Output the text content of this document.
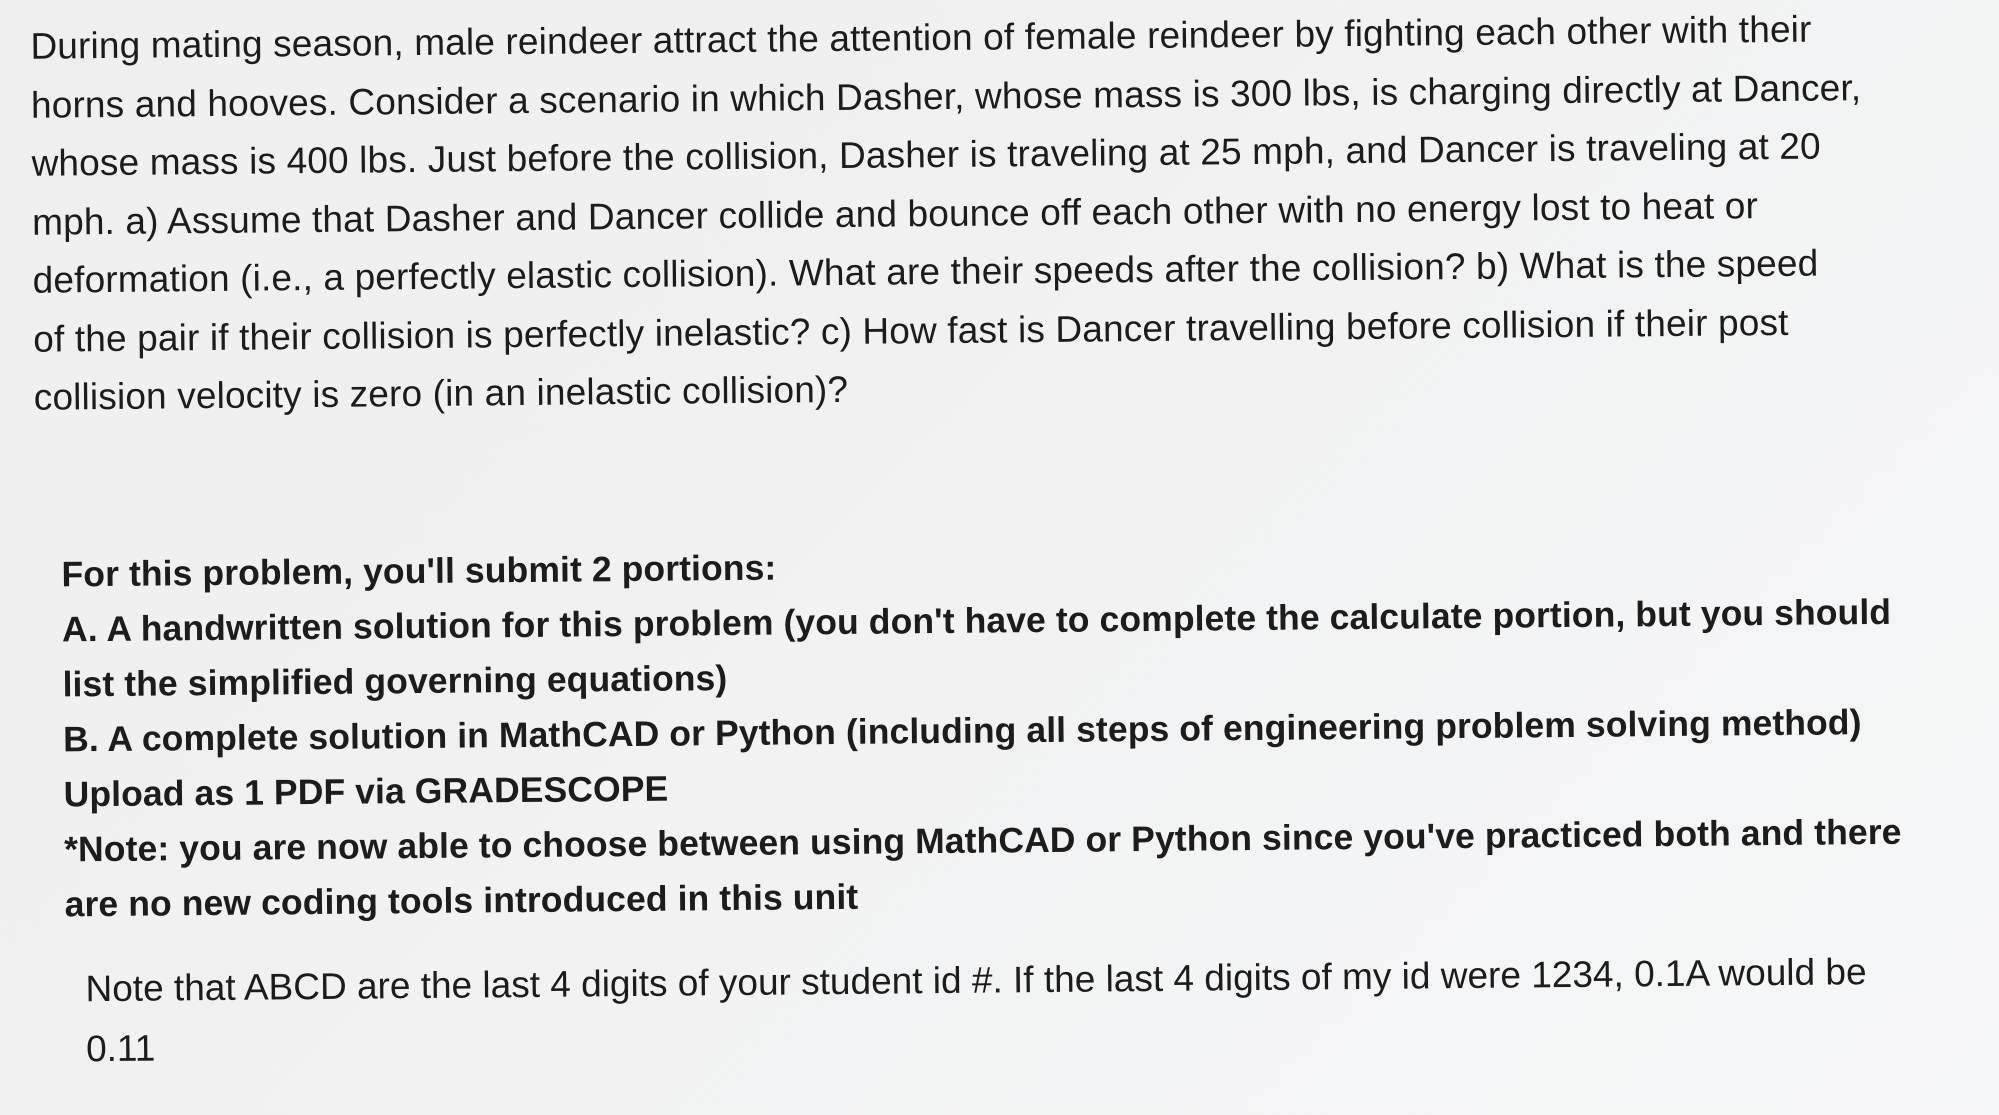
During mating season, male reindeer attract the attention of female reindeer by fighting each other with their
horns and hooves. Consider a scenario in which Dasher, whose mass is 300 lbs, is charging directly at Dancer,
whose mass is 400 lbs. Just before the collision, Dasher is traveling at 25 mph, and Dancer is traveling at 20
mph. a) Assume that Dasher and Dancer collide and bounce off each other with no energy lost to heat or
deformation (i.e., a perfectly elastic collision). What are their speeds after the collision? b) What is the speed
of the pair if their collision is perfectly inelastic? c) How fast is Dancer travelling before collision if their post
collision velocity is zero (in an inelastic collision)?
For this problem, you'll submit 2 portions:
A. A handwritten solution for this problem (you don't have to complete the calculate portion, but you should
list the simplified governing equations)
B. A complete solution in MathCAD or Python (including all steps of engineering problem solving method)
Upload as 1 PDF via GRADESCOPE
*Note: you are now able to choose between using MathCAD or Python since you've practiced both and there
are no new coding tools introduced in this unit
Note that ABCD are the last 4 digits of your student id #. If the last 4 digits of my id were 1234, 0.1A would be
0.11
